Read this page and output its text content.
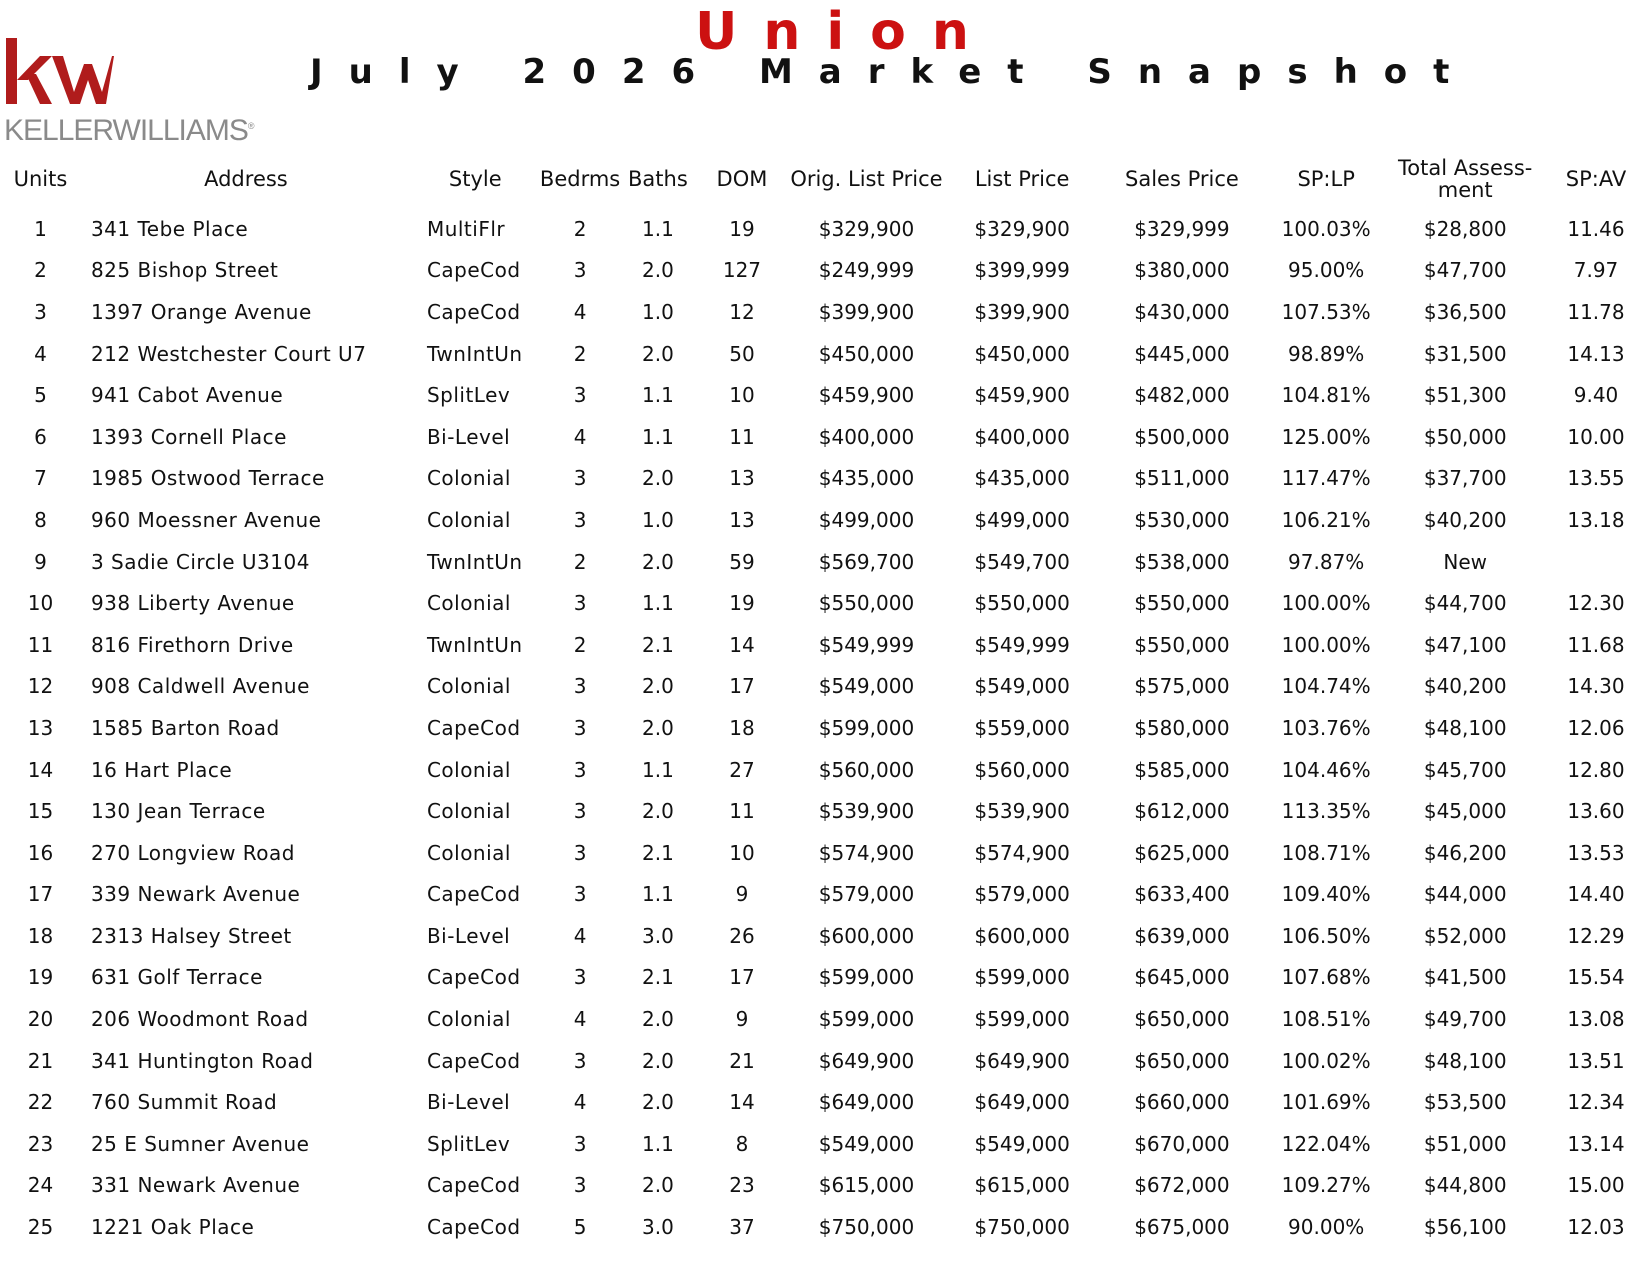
KELLERWILLIAMS®
Union
July 2026 Market Snapshot
Units	Address	Style	Bedrms	Baths	DOM	Orig. List Price	List Price	Sales Price	SP:LP	Total Assess-ment	SP:AV
1	341 Tebe Place	MultiFlr	2	1.1	19	$329,900	$329,900	$329,999	100.03%	$28,800	11.46
2	825 Bishop Street	CapeCod	3	2.0	127	$249,999	$399,999	$380,000	95.00%	$47,700	7.97
3	1397 Orange Avenue	CapeCod	4	1.0	12	$399,900	$399,900	$430,000	107.53%	$36,500	11.78
4	212 Westchester Court U7	TwnIntUn	2	2.0	50	$450,000	$450,000	$445,000	98.89%	$31,500	14.13
5	941 Cabot Avenue	SplitLev	3	1.1	10	$459,900	$459,900	$482,000	104.81%	$51,300	9.40
6	1393 Cornell Place	Bi-Level	4	1.1	11	$400,000	$400,000	$500,000	125.00%	$50,000	10.00
7	1985 Ostwood Terrace	Colonial	3	2.0	13	$435,000	$435,000	$511,000	117.47%	$37,700	13.55
8	960 Moessner Avenue	Colonial	3	1.0	13	$499,000	$499,000	$530,000	106.21%	$40,200	13.18
9	3 Sadie Circle U3104	TwnIntUn	2	2.0	59	$569,700	$549,700	$538,000	97.87%	New	
10	938 Liberty Avenue	Colonial	3	1.1	19	$550,000	$550,000	$550,000	100.00%	$44,700	12.30
11	816 Firethorn Drive	TwnIntUn	2	2.1	14	$549,999	$549,999	$550,000	100.00%	$47,100	11.68
12	908 Caldwell Avenue	Colonial	3	2.0	17	$549,000	$549,000	$575,000	104.74%	$40,200	14.30
13	1585 Barton Road	CapeCod	3	2.0	18	$599,000	$559,000	$580,000	103.76%	$48,100	12.06
14	16 Hart Place	Colonial	3	1.1	27	$560,000	$560,000	$585,000	104.46%	$45,700	12.80
15	130 Jean Terrace	Colonial	3	2.0	11	$539,900	$539,900	$612,000	113.35%	$45,000	13.60
16	270 Longview Road	Colonial	3	2.1	10	$574,900	$574,900	$625,000	108.71%	$46,200	13.53
17	339 Newark Avenue	CapeCod	3	1.1	9	$579,000	$579,000	$633,400	109.40%	$44,000	14.40
18	2313 Halsey Street	Bi-Level	4	3.0	26	$600,000	$600,000	$639,000	106.50%	$52,000	12.29
19	631 Golf Terrace	CapeCod	3	2.1	17	$599,000	$599,000	$645,000	107.68%	$41,500	15.54
20	206 Woodmont Road	Colonial	4	2.0	9	$599,000	$599,000	$650,000	108.51%	$49,700	13.08
21	341 Huntington Road	CapeCod	3	2.0	21	$649,900	$649,900	$650,000	100.02%	$48,100	13.51
22	760 Summit Road	Bi-Level	4	2.0	14	$649,000	$649,000	$660,000	101.69%	$53,500	12.34
23	25 E Sumner Avenue	SplitLev	3	1.1	8	$549,000	$549,000	$670,000	122.04%	$51,000	13.14
24	331 Newark Avenue	CapeCod	3	2.0	23	$615,000	$615,000	$672,000	109.27%	$44,800	15.00
25	1221 Oak Place	CapeCod	5	3.0	37	$750,000	$750,000	$675,000	90.00%	$56,100	12.03
